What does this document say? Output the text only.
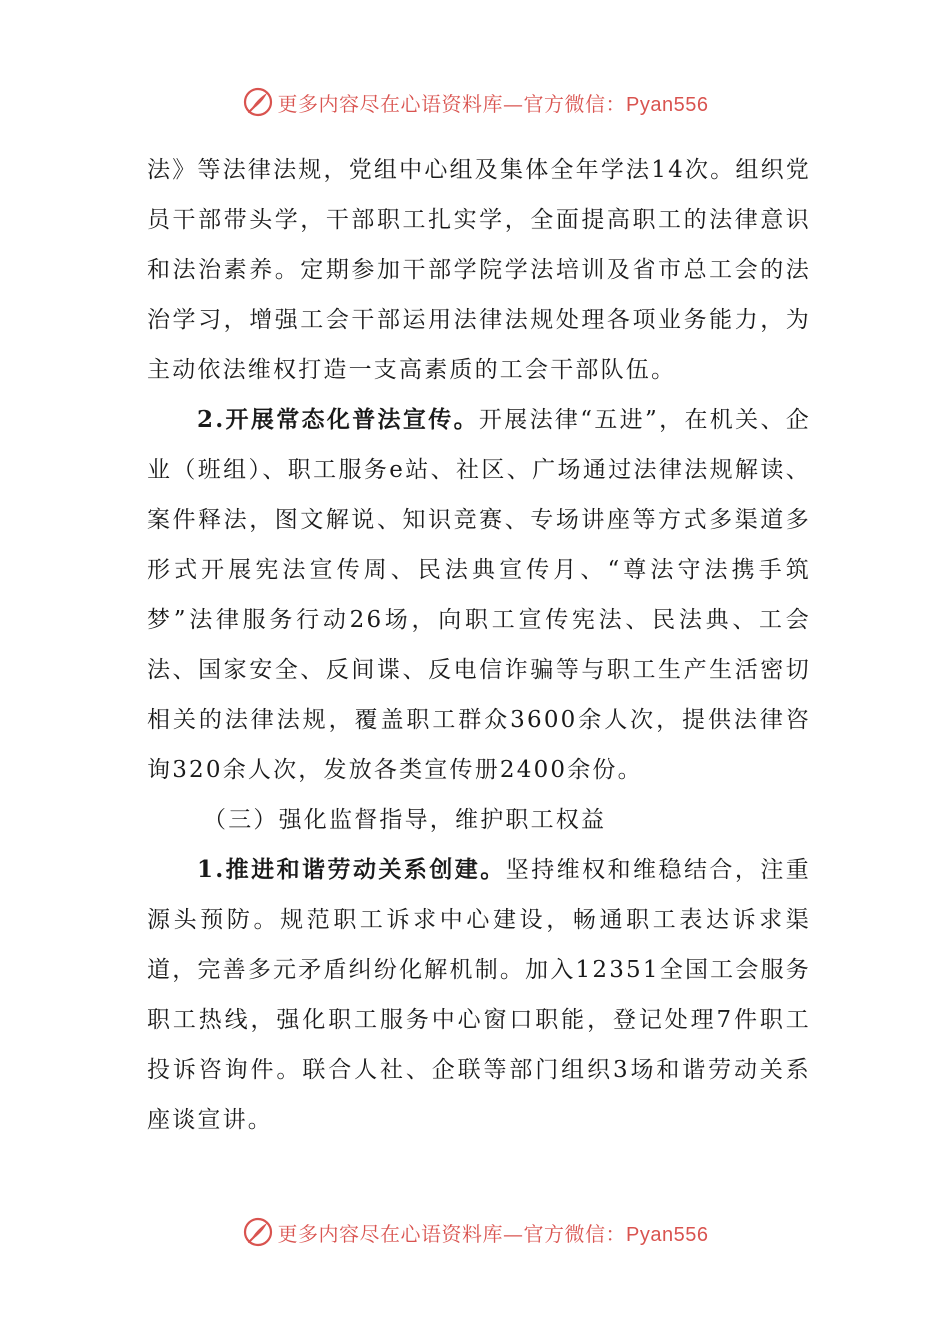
更多内容尽在心语资料库—官方微信：Pyan556

法》等法律法规，党组中心组及集体全年学法14次。组织党员干部带头学，干部职工扎实学，全面提高职工的法律意识和法治素养。定期参加干部学院学法培训及省市总工会的法治学习，增强工会干部运用法律法规处理各项业务能力，为主动依法维权打造一支高素质的工会干部队伍。

2.开展常态化普法宣传。开展法律“五进”，在机关、企业（班组）、职工服务e站、社区、广场通过法律法规解读、案件释法，图文解说、知识竞赛、专场讲座等方式多渠道多形式开展宪法宣传周、民法典宣传月、“尊法守法携手筑梦”法律服务行动26场，向职工宣传宪法、民法典、工会法、国家安全、反间谍、反电信诈骗等与职工生产生活密切相关的法律法规，覆盖职工群众3600余人次，提供法律咨询320余人次，发放各类宣传册2400余份。

（三）强化监督指导，维护职工权益

1.推进和谐劳动关系创建。坚持维权和维稳结合，注重源头预防。规范职工诉求中心建设，畅通职工表达诉求渠道，完善多元矛盾纠纷化解机制。加入12351全国工会服务职工热线，强化职工服务中心窗口职能，登记处理7件职工投诉咨询件。联合人社、企联等部门组织3场和谐劳动关系座谈宣讲。

更多内容尽在心语资料库—官方微信：Pyan556
